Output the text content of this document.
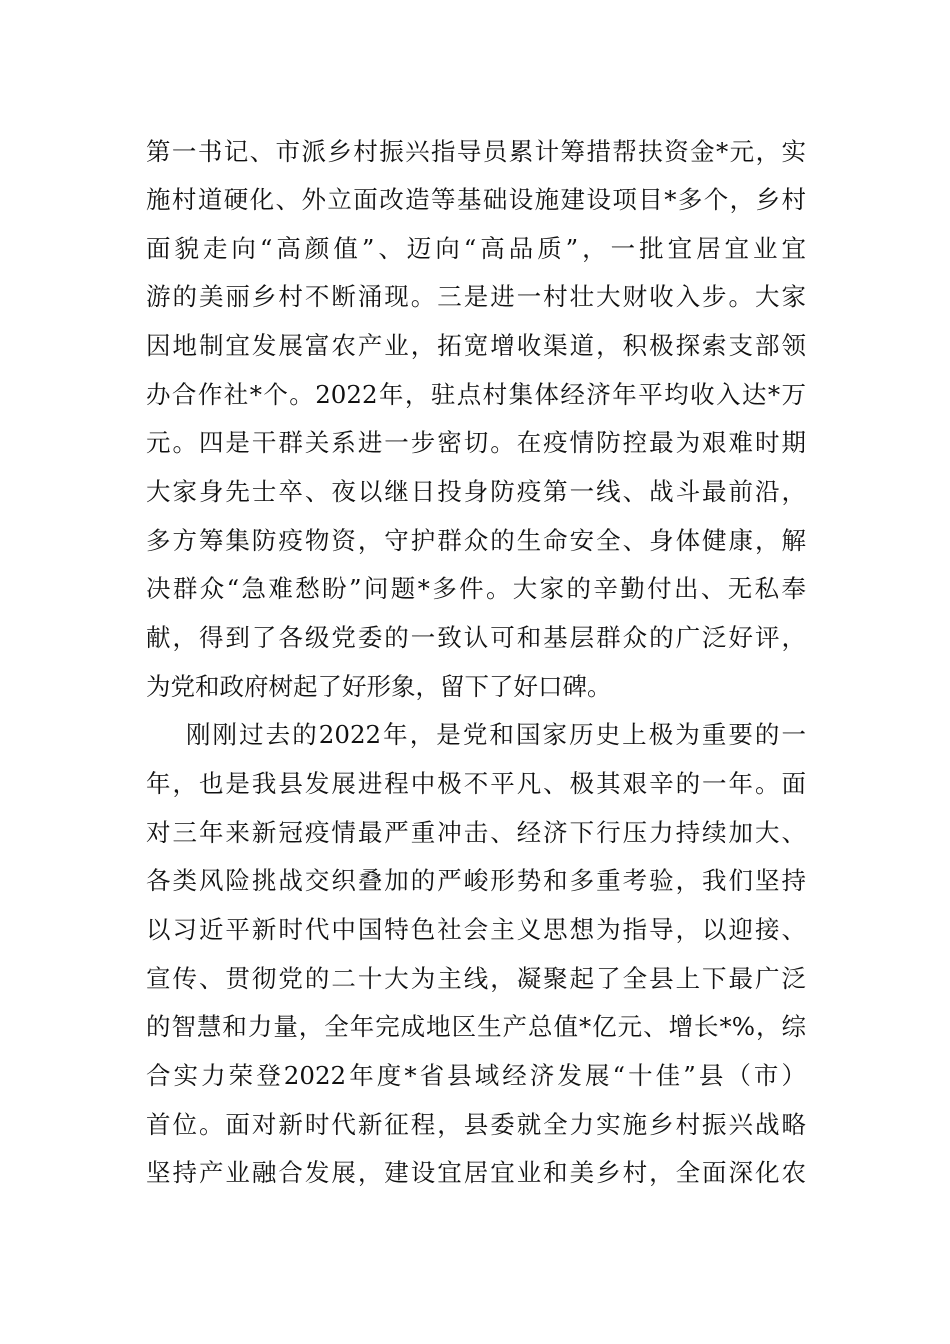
第一书记、市派乡村振兴指导员累计筹措帮扶资金*元，实
施村道硬化、外立面改造等基础设施建设项目*多个，乡村
面貌走向“高颜值”、迈向“高品质”，一批宜居宜业宜
游的美丽乡村不断涌现。三是进一村壮大财收入步。大家
因地制宜发展富农产业，拓宽增收渠道，积极探索支部领
办合作社*个。2022年，驻点村集体经济年平均收入达*万
元。四是干群关系进一步密切。在疫情防控最为艰难时期
大家身先士卒、夜以继日投身防疫第一线、战斗最前沿，
多方筹集防疫物资，守护群众的生命安全、身体健康，解
决群众“急难愁盼”问题*多件。大家的辛勤付出、无私奉
献，得到了各级党委的一致认可和基层群众的广泛好评，
为党和政府树起了好形象，留下了好口碑。
刚刚过去的2022年，是党和国家历史上极为重要的一
年，也是我县发展进程中极不平凡、极其艰辛的一年。面
对三年来新冠疫情最严重冲击、经济下行压力持续加大、
各类风险挑战交织叠加的严峻形势和多重考验，我们坚持
以习近平新时代中国特色社会主义思想为指导，以迎接、
宣传、贯彻党的二十大为主线，凝聚起了全县上下最广泛
的智慧和力量，全年完成地区生产总值*亿元、增长*%，综
合实力荣登2022年度*省县域经济发展“十佳”县（市）
首位。面对新时代新征程，县委就全力实施乡村振兴战略
坚持产业融合发展，建设宜居宜业和美乡村，全面深化农
